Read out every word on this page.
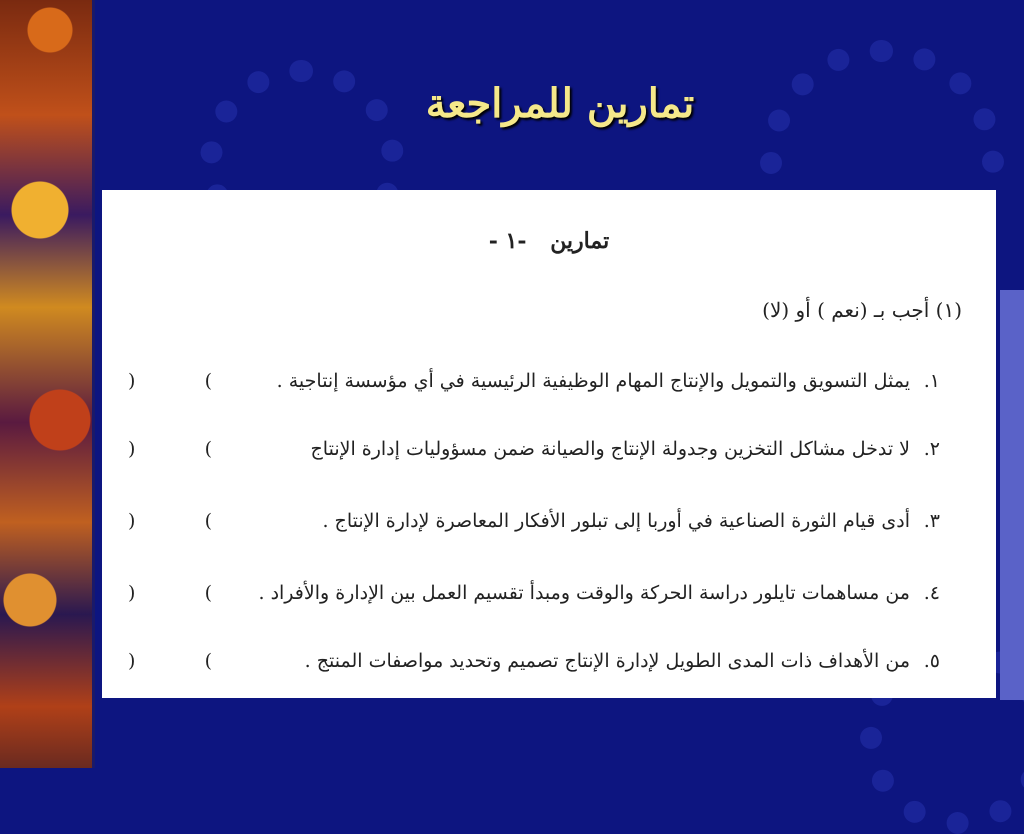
تمارين للمراجعة
تمارين -١ -
(١) أجب بـ (نعم ) أو (لا)
١.
يمثل التسويق والتمويل والإنتاج المهام الوظيفية الرئيسية في أي مؤسسة إنتاجية .
(
)
٢.
لا تدخل مشاكل التخزين وجدولة الإنتاج والصيانة ضمن مسؤوليات إدارة الإنتاج
(
)
٣.
أدى قيام الثورة الصناعية في أوربا إلى تبلور الأفكار المعاصرة لإدارة الإنتاج .
(
)
٤.
من مساهمات تايلور دراسة الحركة والوقت ومبدأ تقسيم العمل بين الإدارة والأفراد .
(
)
٥.
من الأهداف ذات المدى الطويل لإدارة الإنتاج تصميم وتحديد مواصفات المنتج .
(
)
